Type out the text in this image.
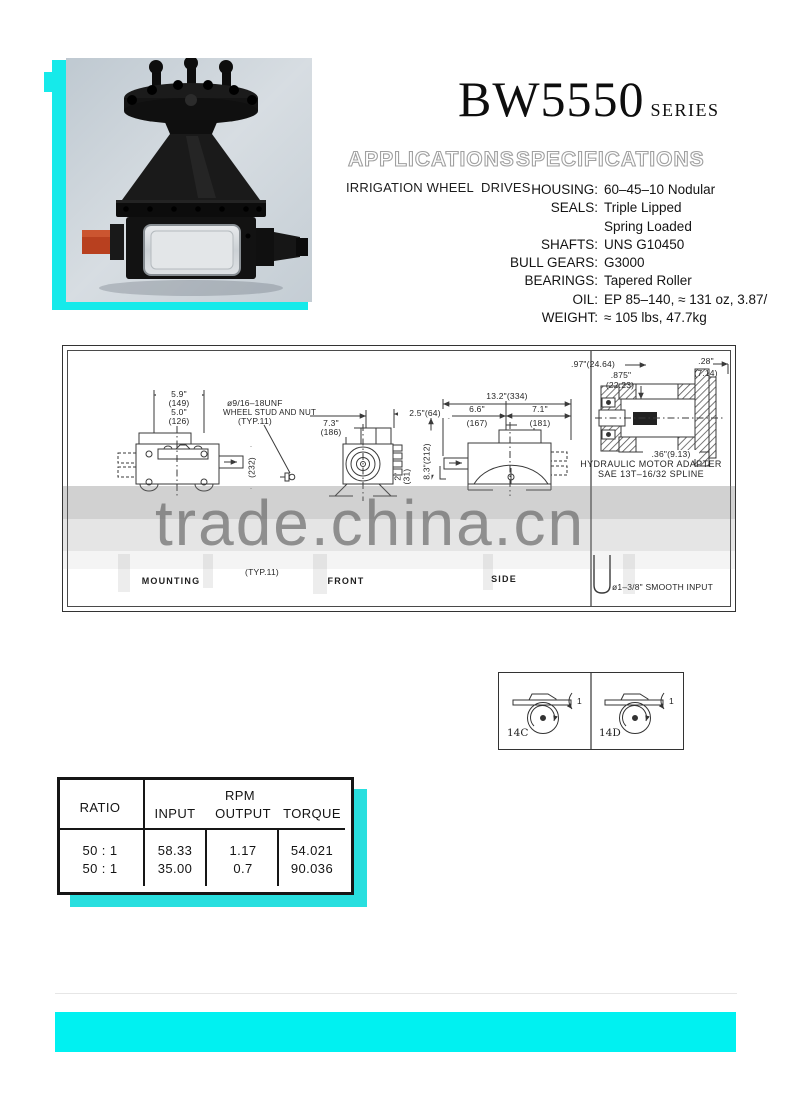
BW5550 SERIES
APPLICATIONS SPECIFICATIONS
IRRIGATION WHEEL  DRIVES HOUSING: 60–45–10 Nodular
SEALS: Triple Lipped
Spring Loaded
SHAFTS: UNS G10450
BULL GEARS: G3000
BEARINGS: Tapered Roller
OIL: EP 85–140, ≈ 131 oz, 3.87/
WEIGHT: ≈ 105 lbs, 47.7kg
5.9"
(149)
5.0"
(126)
ø9/16–18UNF
WHEEL STUD AND NUT
(TYP.11)
(232)
(TYP.11)
MOUNTING
7.3"
(186)
2.5"(64)
8.3"(212)
2" (31)
FRONT
13.2"(334)
6.6"
(167)
7.1"
(181)
SIDE
.97"(24.64)
.875"
(22.23)
.28"
(7.14)
.36"(9.13)
HYDRAULIC MOTOR ADAPTER
SAE 13T–16/32 SPLINE
ø1–3/8" SMOOTH INPUT
trade.china.cn
14C	14D
1	1
RATIO
RPM
INPUT	OUTPUT TORQUE
50 : 1	58.33	1.17	54.021
50 : 1	35.00	0.7	90.036
